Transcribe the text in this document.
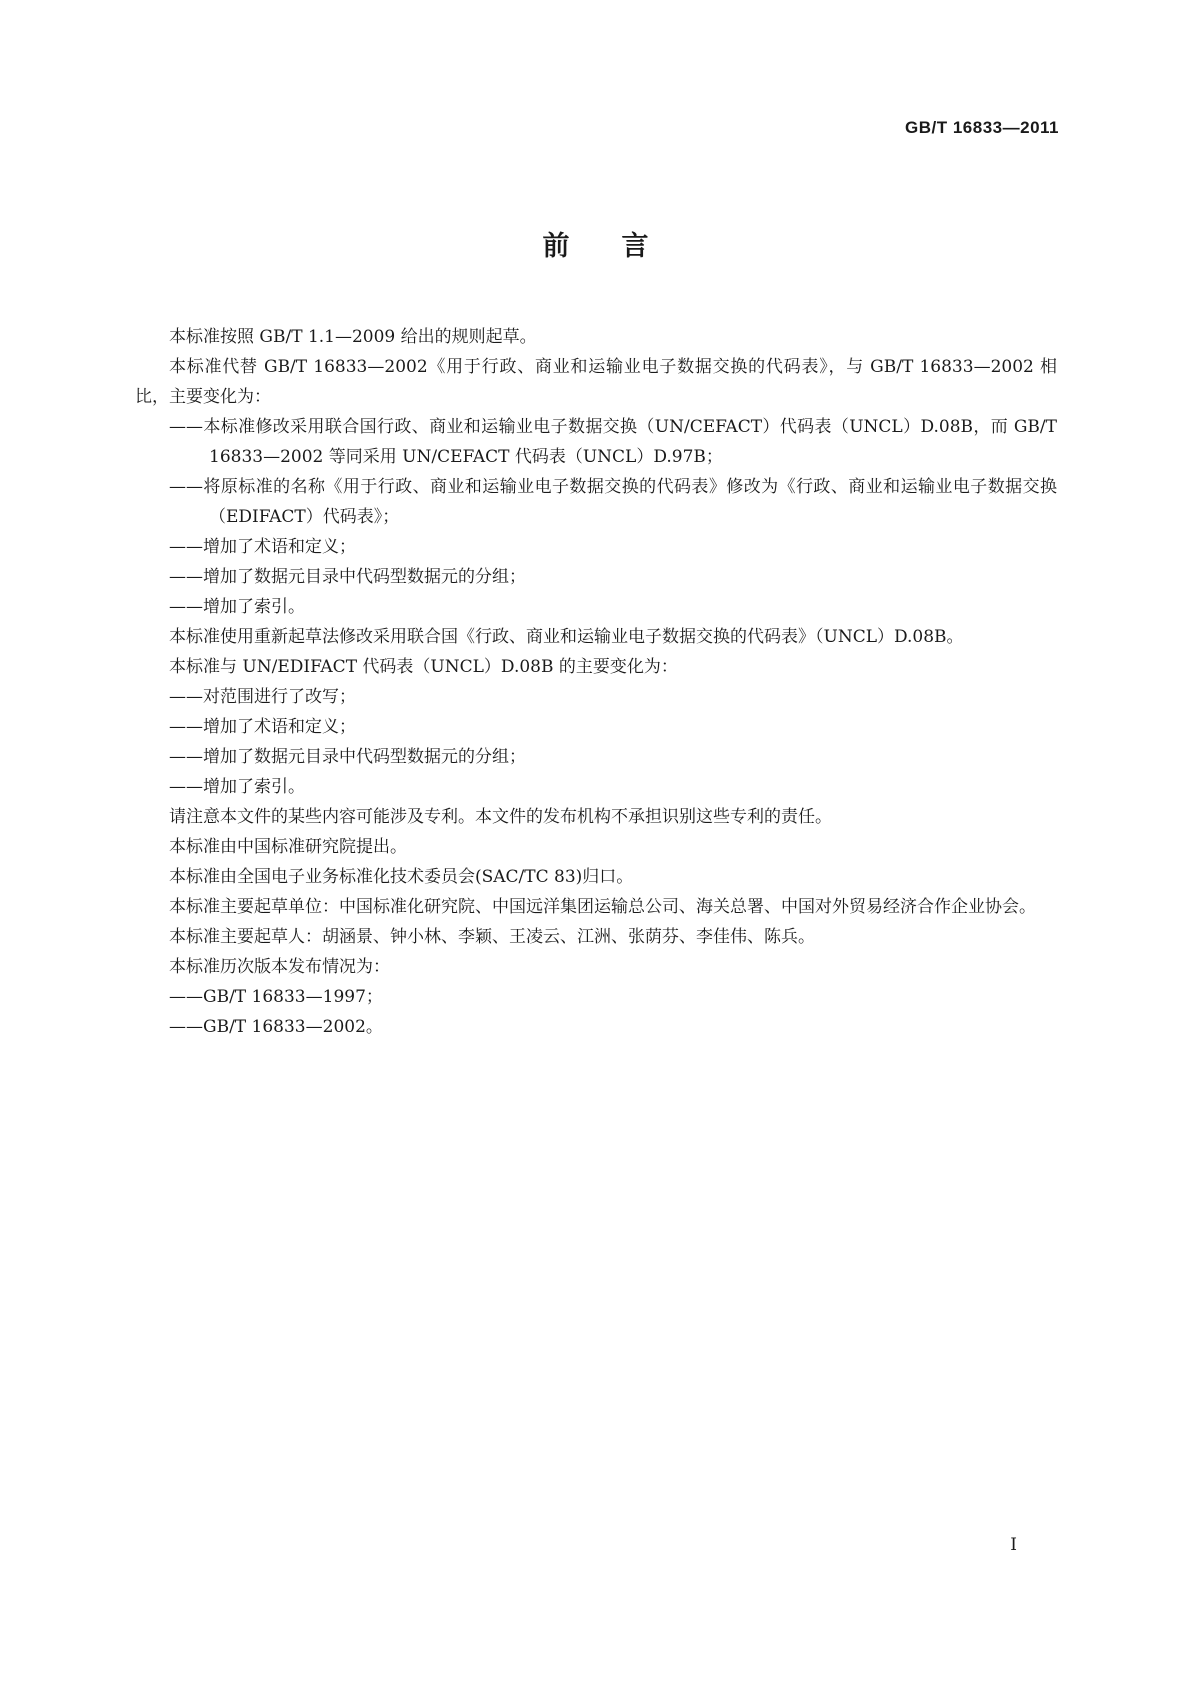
GB/T 16833—2011
前言

本标准按照 GB/T 1.1—2009 给出的规则起草。

本标准代替 GB/T 16833—2002《用于行政、商业和运输业电子数据交换的代码表》，与 GB/T 16833—2002 相比，主要变化为：

——本标准修改采用联合国行政、商业和运输业电子数据交换（UN/CEFACT）代码表（UNCL）D.08B，而 GB/T 16833—2002 等同采用 UN/CEFACT 代码表（UNCL）D.97B；

——将原标准的名称《用于行政、商业和运输业电子数据交换的代码表》修改为《行政、商业和运输业电子数据交换（EDIFACT）代码表》；

——增加了术语和定义；

——增加了数据元目录中代码型数据元的分组；

——增加了索引。

本标准使用重新起草法修改采用联合国《行政、商业和运输业电子数据交换的代码表》（UNCL）D.08B。

本标准与 UN/EDIFACT 代码表（UNCL）D.08B 的主要变化为：

——对范围进行了改写；

——增加了术语和定义；

——增加了数据元目录中代码型数据元的分组；

——增加了索引。

请注意本文件的某些内容可能涉及专利。本文件的发布机构不承担识别这些专利的责任。

本标准由中国标准研究院提出。

本标准由全国电子业务标准化技术委员会(SAC/TC 83)归口。

本标准主要起草单位：中国标准化研究院、中国远洋集团运输总公司、海关总署、中国对外贸易经济合作企业协会。

本标准主要起草人：胡涵景、钟小林、李颖、王凌云、江洲、张荫芬、李佳伟、陈兵。

本标准历次版本发布情况为：

——GB/T 16833—1997；

——GB/T 16833—2002。

I
